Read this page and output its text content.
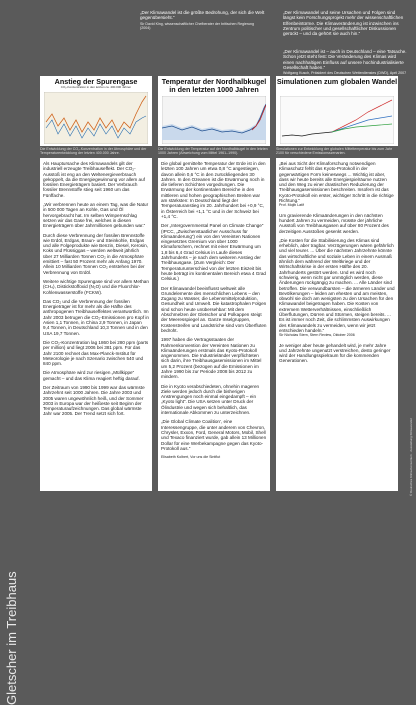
„Der Klimawandel ist die größte Bedrohung, der sich die Welt gegenübersieht.“
Sir David King, wissenschaftlicher Chefberater der britischen Regierung (2004)
„Der Klimawandel und seine Ursachen und Folgen sind längst kein Forschungsprojekt mehr der wissenschaftlichen Elfenbeintürme. Die Klimaveränderung ist inzwischen ins Zentrum politischer und gesellschaftlicher Diskussionen gerückt – und da gehört sie auch hin.“
„Der Klimawandel ist – auch in Deutschland – eine Tatsache. Schon jetzt steht fest: Die Veränderung des Klimas wird einen nachhaltigen Einfluss auf unsere hochindustrialisierte Gesellschaft haben.“
Wolfgang Kusch, Präsident des Deutschen Wetterdienstes (DWD), April 2007
Anstieg der Spurengase
CO₂-Konzentration in den letzten ca. 400.000 Jahren
Die Entwicklung der CO₂-Konzentration in der Atmosphäre und der Temperaturentwicklung der letzten 400.000 Jahre.
Temperatur der Nordhalbkugel in den letzten 1000 Jahren
Die Entwicklung der Temperatur auf der Nordhalbkugel in den letzten 1000 Jahren (Abweichung vom Mittel 1961–1990).
Simulationen zum globalen Wandel
Simulationen zur Entwicklung der globalen Mitteltemperatur bis zum Jahr 2100 für verschiedene Emissionsszenarien.

Als Hauptursache des Klimawandels gilt der industriell erzeugte Treibhauseffekt. Der CO₂-Ausstoß ist eng an den Weltenergieverbrauch gekoppelt, da die Energiegewinnung vor allem auf fossilen Energieträgern basiert. Der Verbrauch fossiler Brennstoffe stieg seit 1960 um das Fünffache.

„Wir verbrennen heute an einem Tag, was die Natur in 500 000 Tagen an Kohle, Gas und Öl hervorgebracht hat. Im selben Wimpernschlag setzen wir das Gase frei, welches in diesen Energieträgern über Jahrmillionen gebunden war.“

Durch diese Verbrennung der fossilen Brennstoffe wie Erdöl, Erdgas, Braun- und Steinkohle, Erdgas und alle Folgeprodukte wie Benzin, Diesel, Kerosin, Koks und Flüssiggas – werden weltweit jährlich über 27 Milliarden Tonnen CO₂ in die Atmosphäre emittiert – fast 50 Prozent mehr als Anfang 1970. Allein 10 Milliarden Tonnen CO₂ entstehen bei der Verbrennung von Erdöl.

Weitere wichtige Spurengase sind vor allem Methan (CH₄), Distickstoffoxid (N₂O) und die Fluorchlor-Kohlenwasserstoffe (FCKW).

Das CO₂ und die Verbrennung der fossilen Energieträger ist für mehr als die Hälfte des anthropogenen Treibhauseffektes verantwortlich. Im Jahr 2003 betrugen die CO₂-Emissionen pro Kopf in Asien 1,1 Tonnen, in China 2,9 Tonnen, in Japan 9,4 Tonnen, in Deutschland 10,3 Tonnen und in den USA 19,7 Tonnen.

Die CO₂-Konzentration lag 1860 bei 280 ppm (parts per million) und liegt 2006 bei 381 ppm. Für das Jahr 2100 rechnet das Max-Planck-Institut für Meteorologie je nach Szenario zwischen 540 und 840 ppm.

Die Atmosphäre wird zur riesigen „Müllkippe“ gemacht – und das Klima reagiert heftig darauf.

Der Zeitraum von 1990 bis 1999 war das wärmste Jahrzehnt seit 1000 Jahren. Die Jahre 2003 und 2005 waren ungewöhnlich heiß, und der Sommer 2003 in Europa war der heißeste seit Beginn der Temperaturaufzeichnungen. Das global wärmste Jahr war 2005. Der Trend setzt sich fort.

Die global gemittelte Temperatur der Erde ist in den letzten 100 Jahren um etwa 0,8 °C angestiegen, davon allein 0,6 °C in den zurückliegenden 30 Jahren. In den Ozeanen ist die Erwärmung noch in die tieferen Schichten vorgedrungen. Die Erwärmung der kontinentalen Bereiche in den mittleren und hohen geographischen Breiten war am stärksten: In Deutschland liegt der Temperaturanstieg im 20. Jahrhundert bei +0,9 °C, in Österreich bei +1,1 °C und in der Schweiz bei +1,4 °C.

Der „Intergovernmental Panel on Climate Change“ (IPCC, „Zwischenstaatlicher Ausschuss für Klimaänderung“) ein von den Vereinten Nationen eingesetztes Gremium von über 1000 Klimaforschern, rechnet mit einer Erwärmung um 1,8 bis 6,4 Grad Celsius in Laufe dieses Jahrhunderts – je nach dem weiteren Anstieg der Treibhausgase. (Zum Vergleich: Der Temperaturunterschied von der letzten Eiszeit bis heute beträgt im kontinentalen Bereich etwa 4 Grad Celsius.)

Der Klimawandel beeinflusst weltweit alle Grundelemente des menschlichen Lebens – den Zugang zu Wasser, die Lebensmittelproduktion, Gesundheit und Umwelt. Die katastrophalen Folgen sind schon heute unübersehbar: Mit dem Abschmelzen der Gletscher und Polkappen steigt der Meeresspiegel an. Ganze Inselgruppen, Küstenstreifen und Landstriche sind vom Überfluten bedroht.

1997 haben die Vertragsstaaten der Rahmenkonvention der Vereinten Nationen zu Klimaänderungen erstmals das Kyoto-Protokoll angenommen. Die Industrieländer verpflichteten sich darin, ihre Treibhausgasemissionen im Mittel um 5,2 Prozent (bezogen auf die Emissionen im Jahre 1990 bis zur Periode 2008 bis 2012 zu mindern.

Die in Kyoto verabschiedeten, ohnehin mageren Ziele werden jedoch durch die bisherigen Anstrengungen noch einmal eingedampft – ein „Kyoto light“. Die USA setzen unter Druck der Ölindustrie und wegen sich behaltlich, das internationale Abkommen zu unterzeichnen.

„Die Global Climate Coalition‘, eine Interessengruppe, die unter anderem von Chevron, Chrysler, Exxon, Ford, General Motors, Mobil, Shell und Texaco finanziert wurde, gab allein 13 Millionen Dollar für eine Werbekampagne gegen das Kyoto-Protokoll aus.“

Elisabeth Kolbert, Vor uns die Sintflut

„Bei aus Sicht der Klimaforschung notwendigen Klimaschutz fehlt das Kyoto-Protokoll in der gegenwärtigen Form keineswegs ... Wichtig ist aber, dass wir heute bereits alle Energiespielräume nutzen und den Weg zu einer drastischen Reduzierung der Treibhausgasemissionen beschreiten. Insofern ist das Kyoto-Protokoll ein erster, wichtiger Schritt in die richtige Richtung.“

Prof. Mojib Latif

Um gravierende Klimaänderungen in den nächsten hundert Jahren zu vermeiden, müsste der jährliche Ausstoß von Treibhausgasen auf über 80 Prozent des derzeitigen Ausstoßes gesenkt werden.

„Die Kosten für die Stabilisierung des Klimas sind erheblich, aber tragbar. Verzögerungen wären gefährlich und viel teurer. ... Über die nächsten Jahrzehnte könnte das wirtschaftliche und soziale Leben in einem Ausmaß ähnlich dem während der Weltkriege und der Wirtschaftskrise in der ersten Hälfte des 20. Jahrhunderts gestört werden. Und es wird noch schwierig, wenn nicht gar unmöglich werden, diese Änderungen rückgängig zu machen. ... Alle Länder sind betroffen. Die verwundbarsten – die ärmeren Länder und Bevölkerungen – leiden am ehesten und am meisten, obwohl sie doch am wenigsten zu den Ursachen für den Klimawandel beigetragen haben. Die Kosten von extremem Wetterverhältnissen, einschließlich Überflutungen, Dürren und Stürmen, steigen bereits. ... Es ist immer noch Zeit, die schlimmsten Auswirkungen des Klimawandels zu vermeiden, wenn wir jetzt entschieden handeln.“

Sir Nicholas Stern, Stern Review, Oktober 2006

Je weniger aber heute gehandelt wird, je mehr Jahre und Jahrzehnte ungenutzt verstreichen, desto geringer wird der Handlungsspielraum für die kommenden Generationen.

Gletscher im Treibhaus
© Deutsches Klima-Konsortium · Ausstellung Klimawandel
